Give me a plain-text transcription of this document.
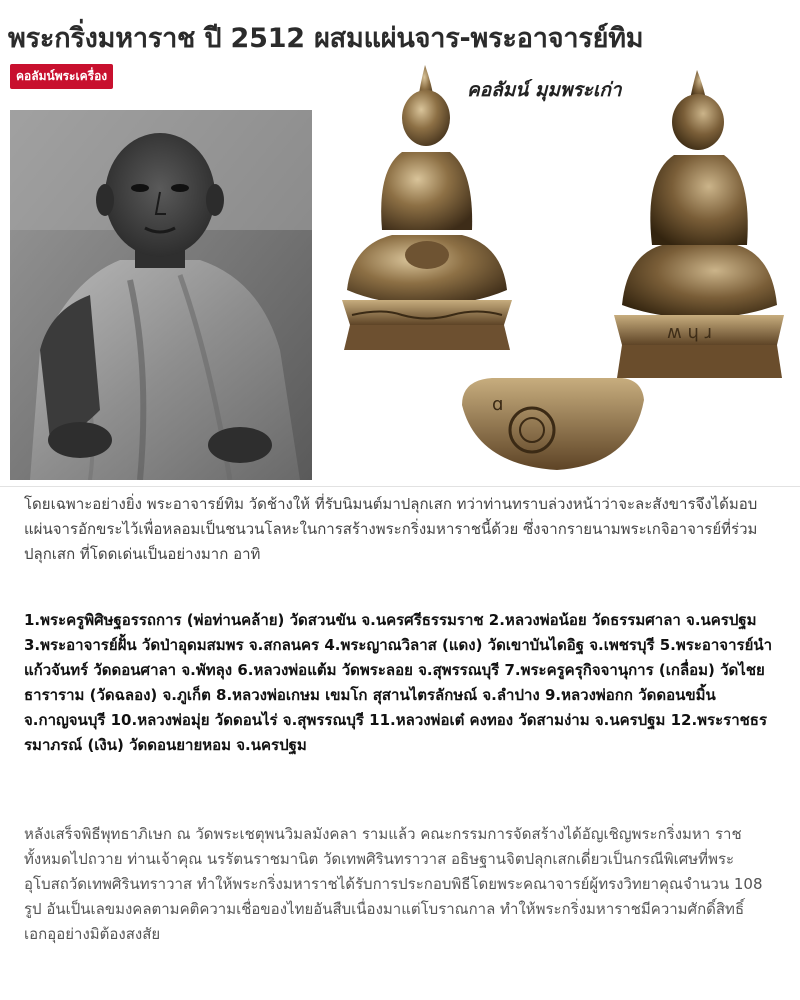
พระกริ่งมหาราช ปี 2512 ผสมแผ่นจาร-พระอาจารย์ทิม
คอลัมน์พระเครื่อง
ʍ ɥ ɹ
ɑ
คอลัมน์ มุมพระเก่า

โดยเฉพาะอย่างยิ่ง พระอาจารย์ทิม วัดช้างให้ ที่รับนิมนต์มาปลุกเสก ทว่าท่านทราบล่วงหน้าว่าจะละสังขารจึงได้มอบแผ่นจารอักขระไว้เพื่อหลอมเป็นชนวนโลหะในการสร้างพระกริ่งมหาราชนี้ด้วย ซึ่งจากรายนามพระเกจิอาจารย์ที่ร่วมปลุกเสก ที่โดดเด่นเป็นอย่างมาก อาทิ

1.พระครูพิศิษฐอรรถการ (พ่อท่านคล้าย) วัดสวนขัน จ.นครศรีธรรมราช 2.หลวงพ่อน้อย วัดธรรมศาลา จ.นครปฐม 3.พระอาจารย์ฝั้น วัดป่าอุดมสมพร จ.สกลนคร 4.พระญาณวิลาส (แดง) วัดเขาบันไดอิฐ จ.เพชรบุรี 5.พระอาจารย์นำ แก้วจันทร์ วัดดอนศาลา จ.พัทลุง 6.หลวงพ่อแต้ม วัดพระลอย จ.สุพรรณบุรี 7.พระครูครุกิจจานุการ (เกลื่อม) วัดไชยธาราราม (วัดฉลอง) จ.ภูเก็ต 8.หลวงพ่อเกษม เขมโก สุสานไตรลักษณ์ จ.ลำปาง 9.หลวงพ่อกก วัดดอนขมิ้น จ.กาญจนบุรี 10.หลวงพ่อมุ่ย วัดดอนไร่ จ.สุพรรณบุรี 11.หลวงพ่อเต๋ คงทอง วัดสามง่าม จ.นครปฐม 12.พระราชธรรมาภรณ์ (เงิน) วัดดอนยายหอม จ.นครปฐม

หลังเสร็จพิธีพุทธาภิเษก ณ วัดพระเชตุพนวิมลมังคลา รามแล้ว คณะกรรมการจัดสร้างได้อัญเชิญพระกริ่งมหา ราชทั้งหมดไปถวาย ท่านเจ้าคุณ นรรัตนราชมานิต วัดเทพศิรินทราวาส อธิษฐานจิตปลุกเสกเดี่ยวเป็นกรณีพิเศษที่พระอุโบสถวัดเทพศิรินทราวาส ทำให้พระกริ่งมหาราชได้รับการประกอบพิธีโดยพระคณาจารย์ผู้ทรงวิทยาคุณจำนวน 108 รูป อันเป็นเลขมงคลตามคติความเชื่อของไทยอันสืบเนื่องมาแต่โบราณกาล ทำให้พระกริ่งมหาราชมีความศักดิ์สิทธิ์เอกอุอย่างมิต้องสงสัย
